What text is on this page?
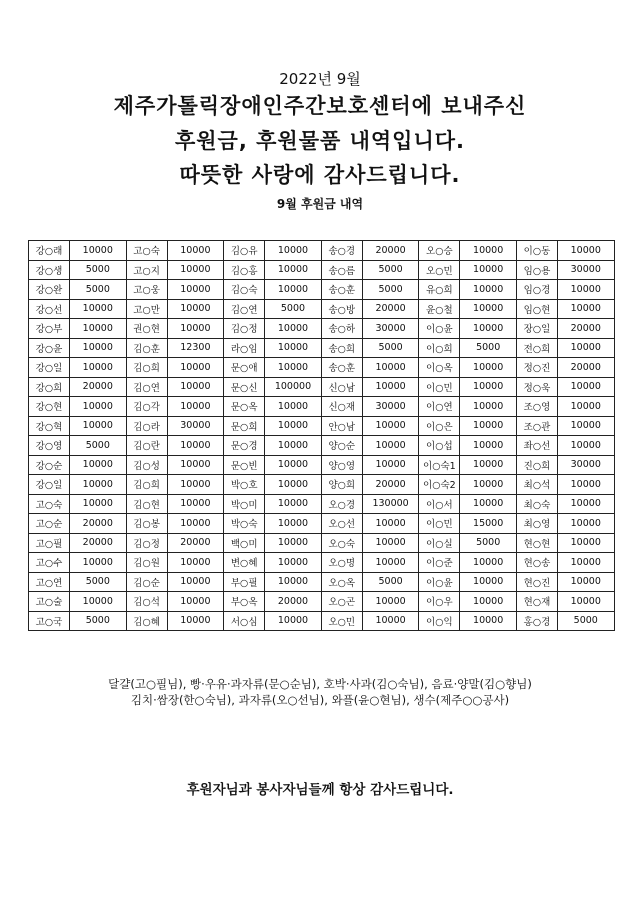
2022년 9월
제주가톨릭장애인주간보호센터에 보내주신
후원금, 후원물품 내역입니다.
따뜻한 사랑에 감사드립니다.
9월 후원금 내역
강○래	10000	고○숙	10000	김○유	10000	송○경	20000	오○승	10000	이○동	10000
강○생	5000	고○지	10000	김○홍	10000	송○름	5000	오○민	10000	임○용	30000
강○완	5000	고○웅	10000	김○숙	10000	송○훈	5000	유○희	10000	임○경	10000
강○선	10000	고○만	10000	김○연	5000	송○방	20000	윤○철	10000	임○현	10000
강○부	10000	권○현	10000	김○정	10000	송○하	30000	이○윤	10000	장○일	20000
강○윤	10000	김○훈	12300	라○임	10000	송○희	5000	이○희	5000	전○희	10000
강○일	10000	김○희	10000	문○애	10000	송○훈	10000	이○옥	10000	정○진	20000
강○희	20000	김○연	10000	문○신	100000	신○남	10000	이○민	10000	정○욱	10000
강○현	10000	김○각	10000	문○옥	10000	신○재	30000	이○연	10000	조○영	10000
강○혁	10000	김○라	30000	문○희	10000	안○남	10000	이○은	10000	조○관	10000
강○영	5000	김○란	10000	문○경	10000	양○순	10000	이○섭	10000	좌○선	10000
강○순	10000	김○성	10000	문○빈	10000	양○영	10000	이○숙1	10000	진○희	30000
강○일	10000	김○희	10000	박○호	10000	양○희	20000	이○숙2	10000	최○석	10000
고○숙	10000	김○현	10000	박○미	10000	오○경	130000	이○서	10000	최○숙	10000
고○순	20000	김○봉	10000	박○숙	10000	오○선	10000	이○민	15000	최○영	10000
고○필	20000	김○정	20000	백○미	10000	오○숙	10000	이○실	5000	현○현	10000
고○수	10000	김○원	10000	변○혜	10000	오○명	10000	이○준	10000	현○송	10000
고○연	5000	김○순	10000	부○필	10000	오○옥	5000	이○윤	10000	현○진	10000
고○술	10000	김○석	10000	부○옥	20000	오○곤	10000	이○우	10000	현○재	10000
고○국	5000	김○혜	10000	서○심	10000	오○민	10000	이○익	10000	홍○경	5000
달걀(고○필님), 빵·우유·과자류(문○순님), 호박·사과(김○숙님), 음료·양말(김○향님)
김치·쌈장(한○숙님), 과자류(오○선님), 와플(윤○현님), 생수(제주○○공사)
후원자님과 봉사자님들께 항상 감사드립니다.
